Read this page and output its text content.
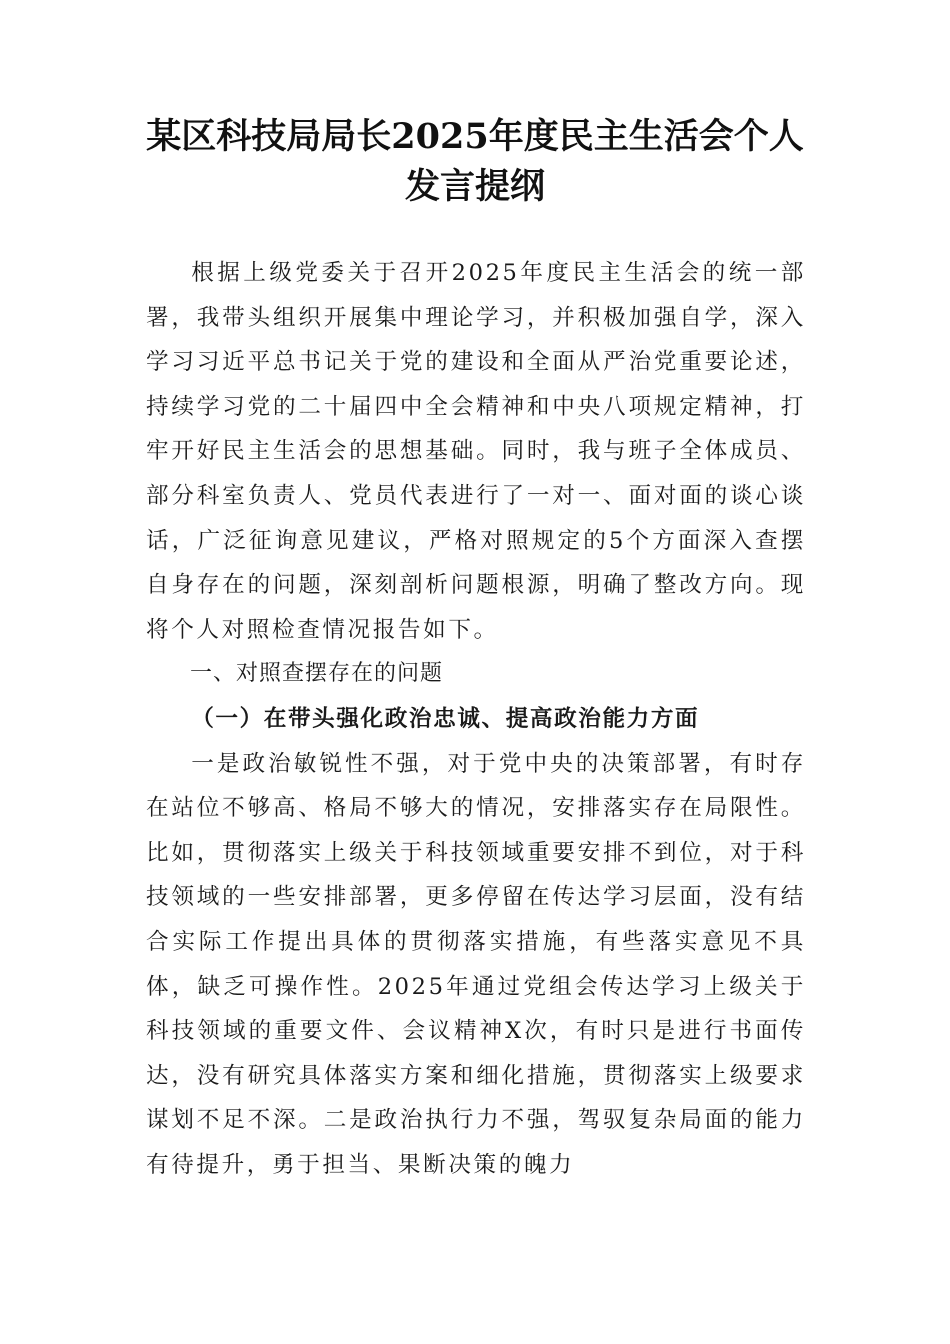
某区科技局局长2025年度民主生活会个人发言提纲

根据上级党委关于召开2025年度民主生活会的统一部署，我带头组织开展集中理论学习，并积极加强自学，深入学习习近平总书记关于党的建设和全面从严治党重要论述，持续学习党的二十届四中全会精神和中央八项规定精神，打牢开好民主生活会的思想基础。同时，我与班子全体成员、部分科室负责人、党员代表进行了一对一、面对面的谈心谈话，广泛征询意见建议，严格对照规定的5个方面深入查摆自身存在的问题，深刻剖析问题根源，明确了整改方向。现将个人对照检查情况报告如下。

一、对照查摆存在的问题

（一）在带头强化政治忠诚、提高政治能力方面

一是政治敏锐性不强，对于党中央的决策部署，有时存在站位不够高、格局不够大的情况，安排落实存在局限性。比如，贯彻落实上级关于科技领域重要安排不到位，对于科技领域的一些安排部署，更多停留在传达学习层面，没有结合实际工作提出具体的贯彻落实措施，有些落实意见不具体，缺乏可操作性。2025年通过党组会传达学习上级关于科技领域的重要文件、会议精神X次，有时只是进行书面传达，没有研究具体落实方案和细化措施，贯彻落实上级要求谋划不足不深。二是政治执行力不强，驾驭复杂局面的能力有待提升，勇于担当、果断决策的魄力
